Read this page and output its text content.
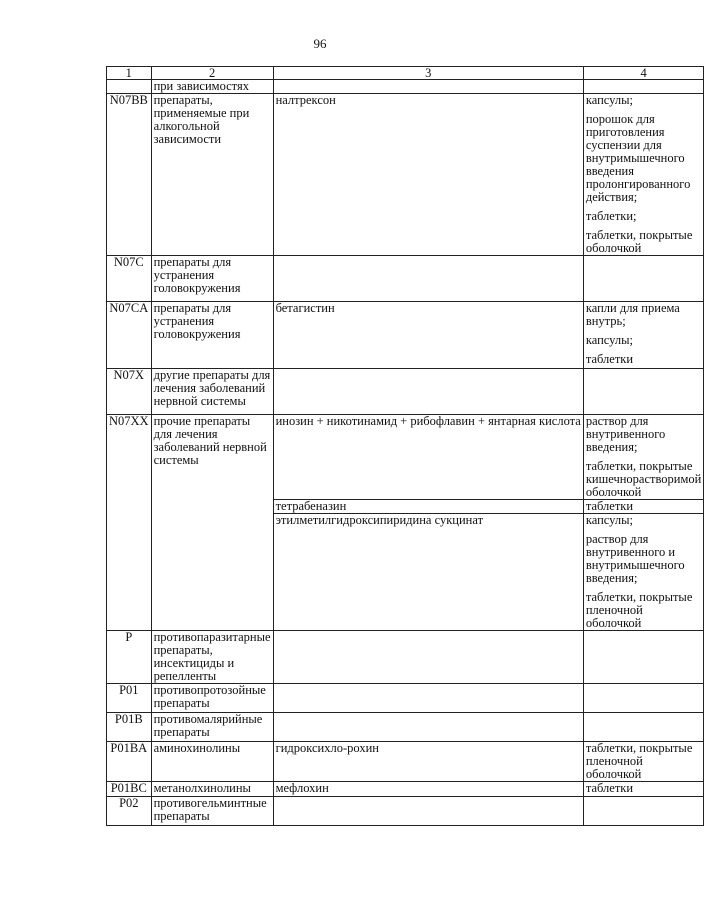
96
1	2	3	4
	при зависимостях		
N07BB	препараты, применяемые при алкогольной зависимости	налтрексон	капсулы;
порошок для приготовления суспензии для внутримышечного введения пролонгированного действия;
таблетки;
таблетки, покрытые оболочкой

N07C	препараты для устранения головокружения		
N07CA	препараты для устранения головокружения	бетагистин	капли для приема внутрь;
капсулы;
таблетки

N07X	другие препараты для лечения заболеваний нервной системы		
N07XX	прочие препараты для лечения заболеваний нервной системы	инозин + никотинамид + рибофлавин + янтарная кислота	раствор для внутривенного введения;
таблетки, покрытые кишечнорастворимой оболочкой

		тетрабеназин	таблетки

		этилметилгидроксипиридина сукцинат	капсулы;
раствор для внутривенного и внутримышечного введения;
таблетки, покрытые пленочной оболочкой

P	противопаразитарные препараты, инсектициды и репелленты		
P01	противопротозойные препараты		
P01B	противомалярийные препараты		
P01BA	аминохинолины	гидроксихло-рохин	таблетки, покрытые пленочной оболочкой

P01BC	метанолхинолины	мефлохин	таблетки

P02	противогельминтные препараты		
